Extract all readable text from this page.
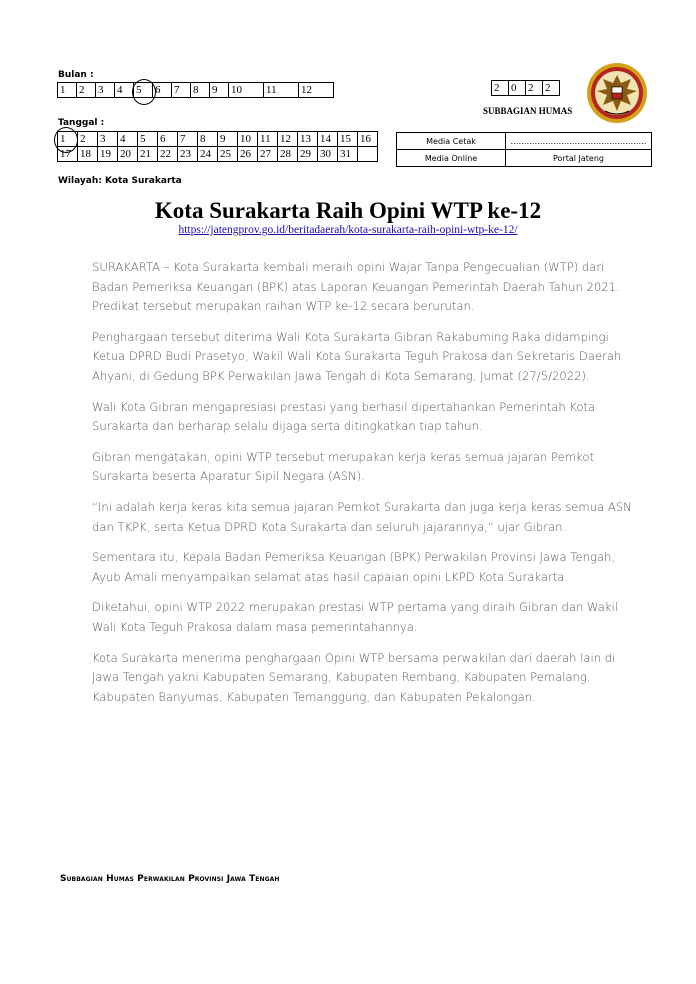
Bulan :
1	2	3	4	5	6	7	8	9	10	11	12	2	0	2	2
SUBBAGIAN HUMAS
Tanggal :
1	2	3	4	5	6	7	8	9	10	11	12	13	14	15	16
17	18	19	20	21	22	23	24	25	26	27	28	29	30	31	
Media Cetak	……………………………………………
Media Online	Portal Jateng
Wilayah: Kota Surakarta
Kota Surakarta Raih Opini WTP ke-12
https://jatengprov.go.id/beritadaerah/kota-surakarta-raih-opini-wtp-ke-12/

SURAKARTA – Kota Surakarta kembali meraih opini Wajar Tanpa Pengecualian (WTP) dari Badan Pemeriksa Keuangan (BPK) atas Laporan Keuangan Pemerintah Daerah Tahun 2021. Predikat tersebut merupakan raihan WTP ke-12 secara berurutan.

Penghargaan tersebut diterima Wali Kota Surakarta Gibran Rakabuming Raka didampingi Ketua DPRD Budi Prasetyo, Wakil Wali Kota Surakarta Teguh Prakosa dan Sekretaris Daerah Ahyani, di Gedung BPK Perwakilan Jawa Tengah di Kota Semarang, Jumat (27/5/2022).

Wali Kota Gibran mengapresiasi prestasi yang berhasil dipertahankan Pemerintah Kota Surakarta dan berharap selalu dijaga serta ditingkatkan tiap tahun.

Gibran mengatakan, opini WTP tersebut merupakan kerja keras semua jajaran Pemkot Surakarta beserta Aparatur Sipil Negara (ASN).

“Ini adalah kerja keras kita semua jajaran Pemkot Surakarta dan juga kerja keras semua ASN dan TKPK, serta Ketua DPRD Kota Surakarta dan seluruh jajarannya,” ujar Gibran.

Sementara itu, Kepala Badan Pemeriksa Keuangan (BPK) Perwakilan Provinsi Jawa Tengah, Ayub Amali menyampaikan selamat atas hasil capaian opini LKPD Kota Surakarta.

Diketahui, opini WTP 2022 merupakan prestasi WTP pertama yang diraih Gibran dan Wakil Wali Kota Teguh Prakosa dalam masa pemerintahannya.

Kota Surakarta menerima penghargaan Opini WTP bersama perwakilan dari daerah lain di Jawa Tengah yakni Kabupaten Semarang, Kabupaten Rembang, Kabupaten Pemalang, Kabupaten Banyumas, Kabupaten Temanggung, dan Kabupaten Pekalongan.

Subbagian Humas Perwakilan Provinsi Jawa Tengah
